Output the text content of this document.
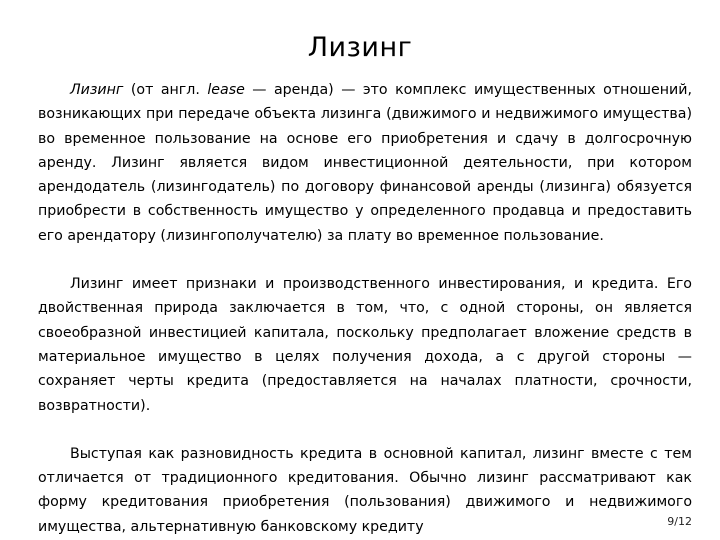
Лизинг

Лизинг (от англ. lease — аренда) — это комплекс имущественных отношений, возникающих при передаче объекта лизинга (движимого и недвижимого имущества) во временное пользование на основе его приобретения и сдачу в долгосрочную аренду. Лизинг является видом инвестиционной деятельности, при котором арендодатель (лизингодатель) по договору финансовой аренды (лизинга) обязуется приобрести в собственность имущество у определенного продавца и предоставить его арендатору (лизингополучателю) за плату во временное пользование.

Лизинг имеет признаки и производственного инвестирования, и кредита. Его двойственная природа заключается в том, что, с одной стороны, он является своеобразной инвестицией капитала, поскольку предполагает вложение средств в материальное имущество в целях получения дохода, а с другой стороны — сохраняет черты кредита (предоставляется на началах платности, срочности, возвратности).

Выступая как разновидность кредита в основной капитал, лизинг вместе с тем отличается от традиционного кредитования. Обычно лизинг рассматривают как форму кредитования приобретения (пользования) движимого и недвижимого имущества, альтернативную банковскому кредиту	9/12
